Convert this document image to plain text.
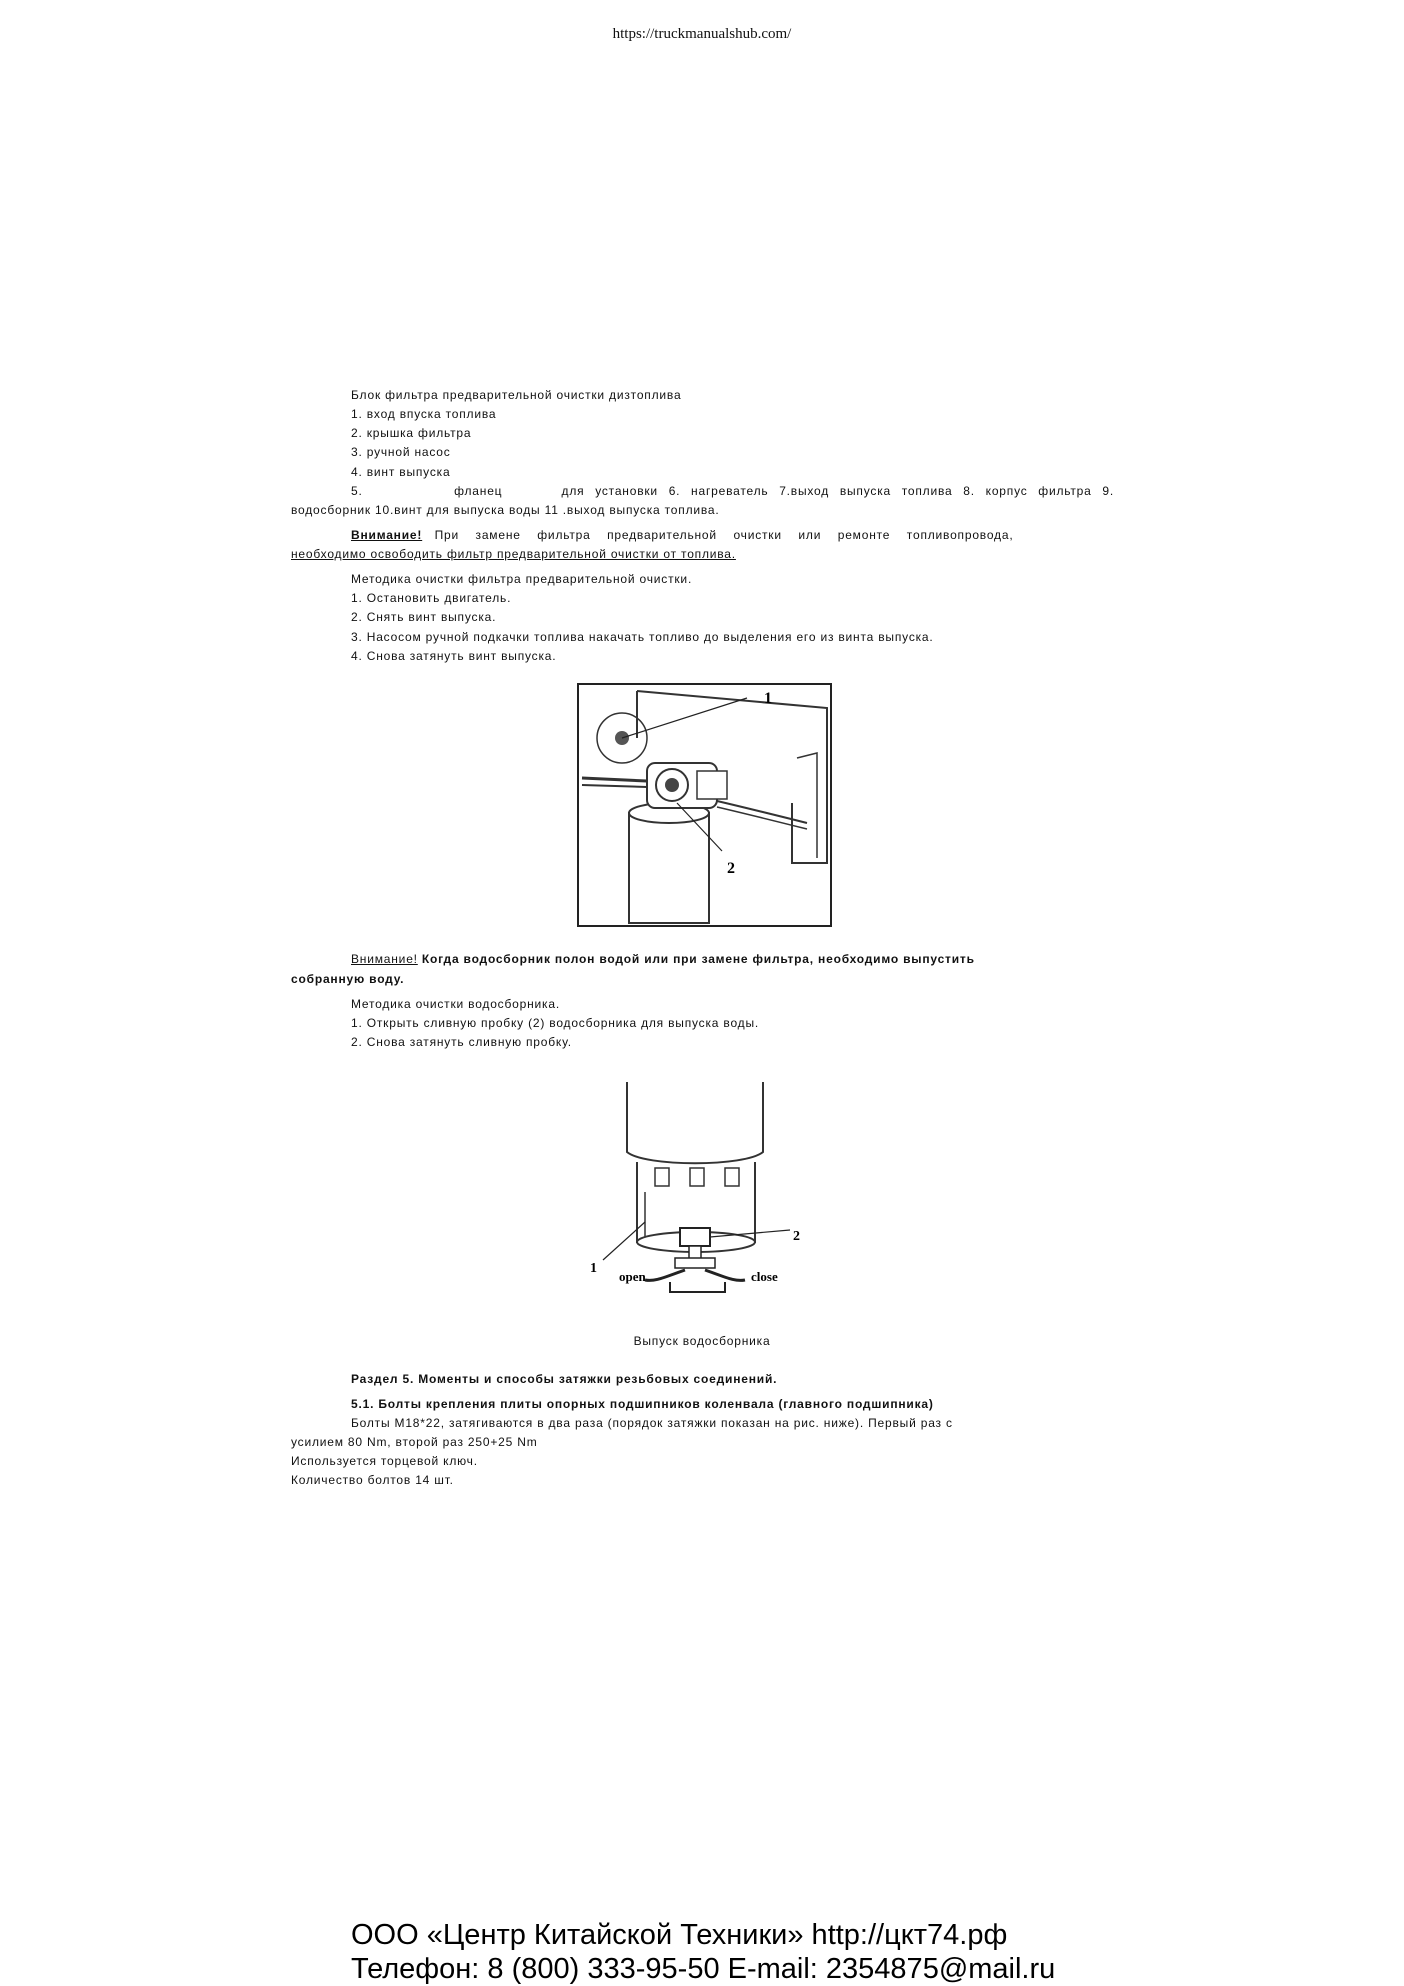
https://truckmanualshub.com/
Блок фильтра предварительной очистки дизтоплива
1. вход впуска топлива
2. крышка фильтра
3. ручной насос
4. винт выпуска
5.                 фланец           для  установки  6.  нагреватель  7.выход  выпуска  топлива  8.  корпус  фильтра  9.
водосборник 10.винт для выпуска воды 11 .выход выпуска топлива.
Внимание!   При    замене    фильтра    предварительной    очистки    или    ремонте    топливопровода,
необходимо освободить фильтр предварительной очистки от топлива.
Методика очистки фильтра предварительной очистки.
1. Остановить двигатель.
2. Снять винт выпуска.
3. Насосом ручной подкачки топлива накачать топливо до выделения его из винта выпуска.
4. Снова затянуть винт выпуска.
1
2
Внимание! Когда водосборник полон водой или при замене фильтра, необходимо выпустить
собранную воду.
Методика очистки водосборника.
1. Открыть сливную пробку (2) водосборника для выпуска воды.
2. Снова затянуть сливную пробку.
1
2
open	close
Выпуск водосборника
Раздел 5. Моменты и способы затяжки резьбовых соединений.
5.1. Болты крепления плиты опорных подшипников коленвала (главного подшипника)
Болты М18*22, затягиваются в два раза (порядок затяжки показан на рис. ниже). Первый раз с
усилием 80 Nm, второй раз 250+25 Nm
Используется торцевой ключ.
Количество болтов 14 шт.
ООО «Центр Китайской Техники» http://цкт74.рф
Телефон: 8 (800) 333-95-50 E-mail: 2354875@mail.ru
